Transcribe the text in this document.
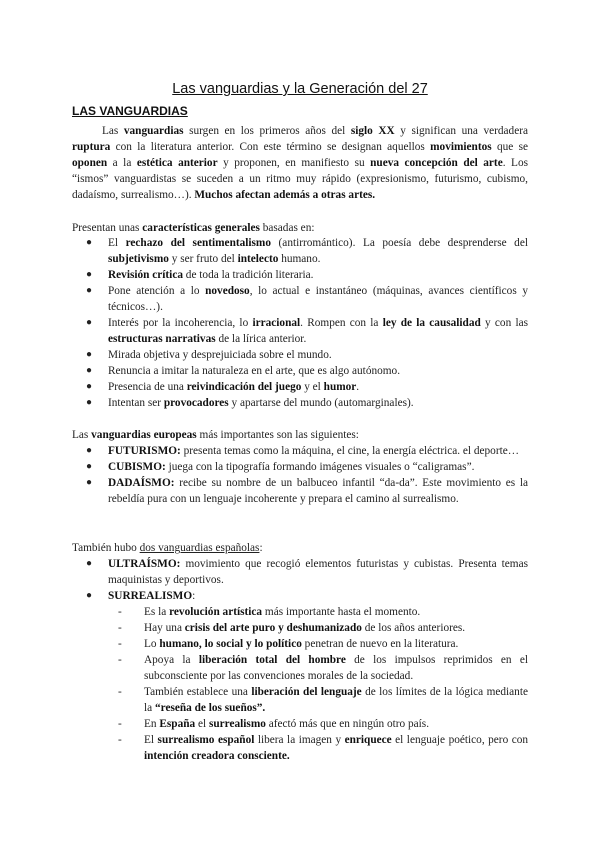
Las vanguardias y la Generación del 27
LAS VANGUARDIAS

Las vanguardias surgen en los primeros años del siglo XX y significan una verdadera ruptura con la literatura anterior. Con este término se designan aquellos movimientos que se oponen a la estética anterior y proponen, en manifiesto su nueva concepción del arte. Los “ismos” vanguardistas se suceden a un ritmo muy rápido (expresionismo, futurismo, cubismo, dadaísmo, surrealismo…). Muchos afectan además a otras artes.

Presentan unas características generales basadas en:

● El rechazo del sentimentalismo (antirromántico). La poesía debe desprenderse del subjetivismo y ser fruto del intelecto humano.
● Revisión crítica de toda la tradición literaria.
● Pone atención a lo novedoso, lo actual e instantáneo (máquinas, avances científicos y técnicos…).
● Interés por la incoherencia, lo irracional. Rompen con la ley de la causalidad y con las estructuras narrativas de la lírica anterior.
● Mirada objetiva y desprejuiciada sobre el mundo.
● Renuncia a imitar la naturaleza en el arte, que es algo autónomo.
● Presencia de una reivindicación del juego y el humor.
● Intentan ser provocadores y apartarse del mundo (automarginales).

Las vanguardias europeas más importantes son las siguientes:

● FUTURISMO: presenta temas como la máquina, el cine, la energía eléctrica. el deporte…
● CUBISMO: juega con la tipografía formando imágenes visuales o “caligramas”.
● DADAÍSMO: recibe su nombre de un balbuceo infantil “da-da”. Este movimiento es la rebeldía pura con un lenguaje incoherente y prepara el camino al surrealismo.

También hubo dos vanguardias españolas:

● ULTRAÍSMO: movimiento que recogió elementos futuristas y cubistas. Presenta temas maquinistas y deportivos.
● SURREALISMO:
- Es la revolución artística más importante hasta el momento.
- Hay una crisis del arte puro y deshumanizado de los años anteriores.
- Lo humano, lo social y lo político penetran de nuevo en la literatura.
- Apoya la liberación total del hombre de los impulsos reprimidos en el subconsciente por las convenciones morales de la sociedad.
- También establece una liberación del lenguaje de los límites de la lógica mediante la “reseña de los sueños”.
- En España el surrealismo afectó más que en ningún otro país.
- El surrealismo español libera la imagen y enriquece el lenguaje poético, pero con intención creadora consciente.
